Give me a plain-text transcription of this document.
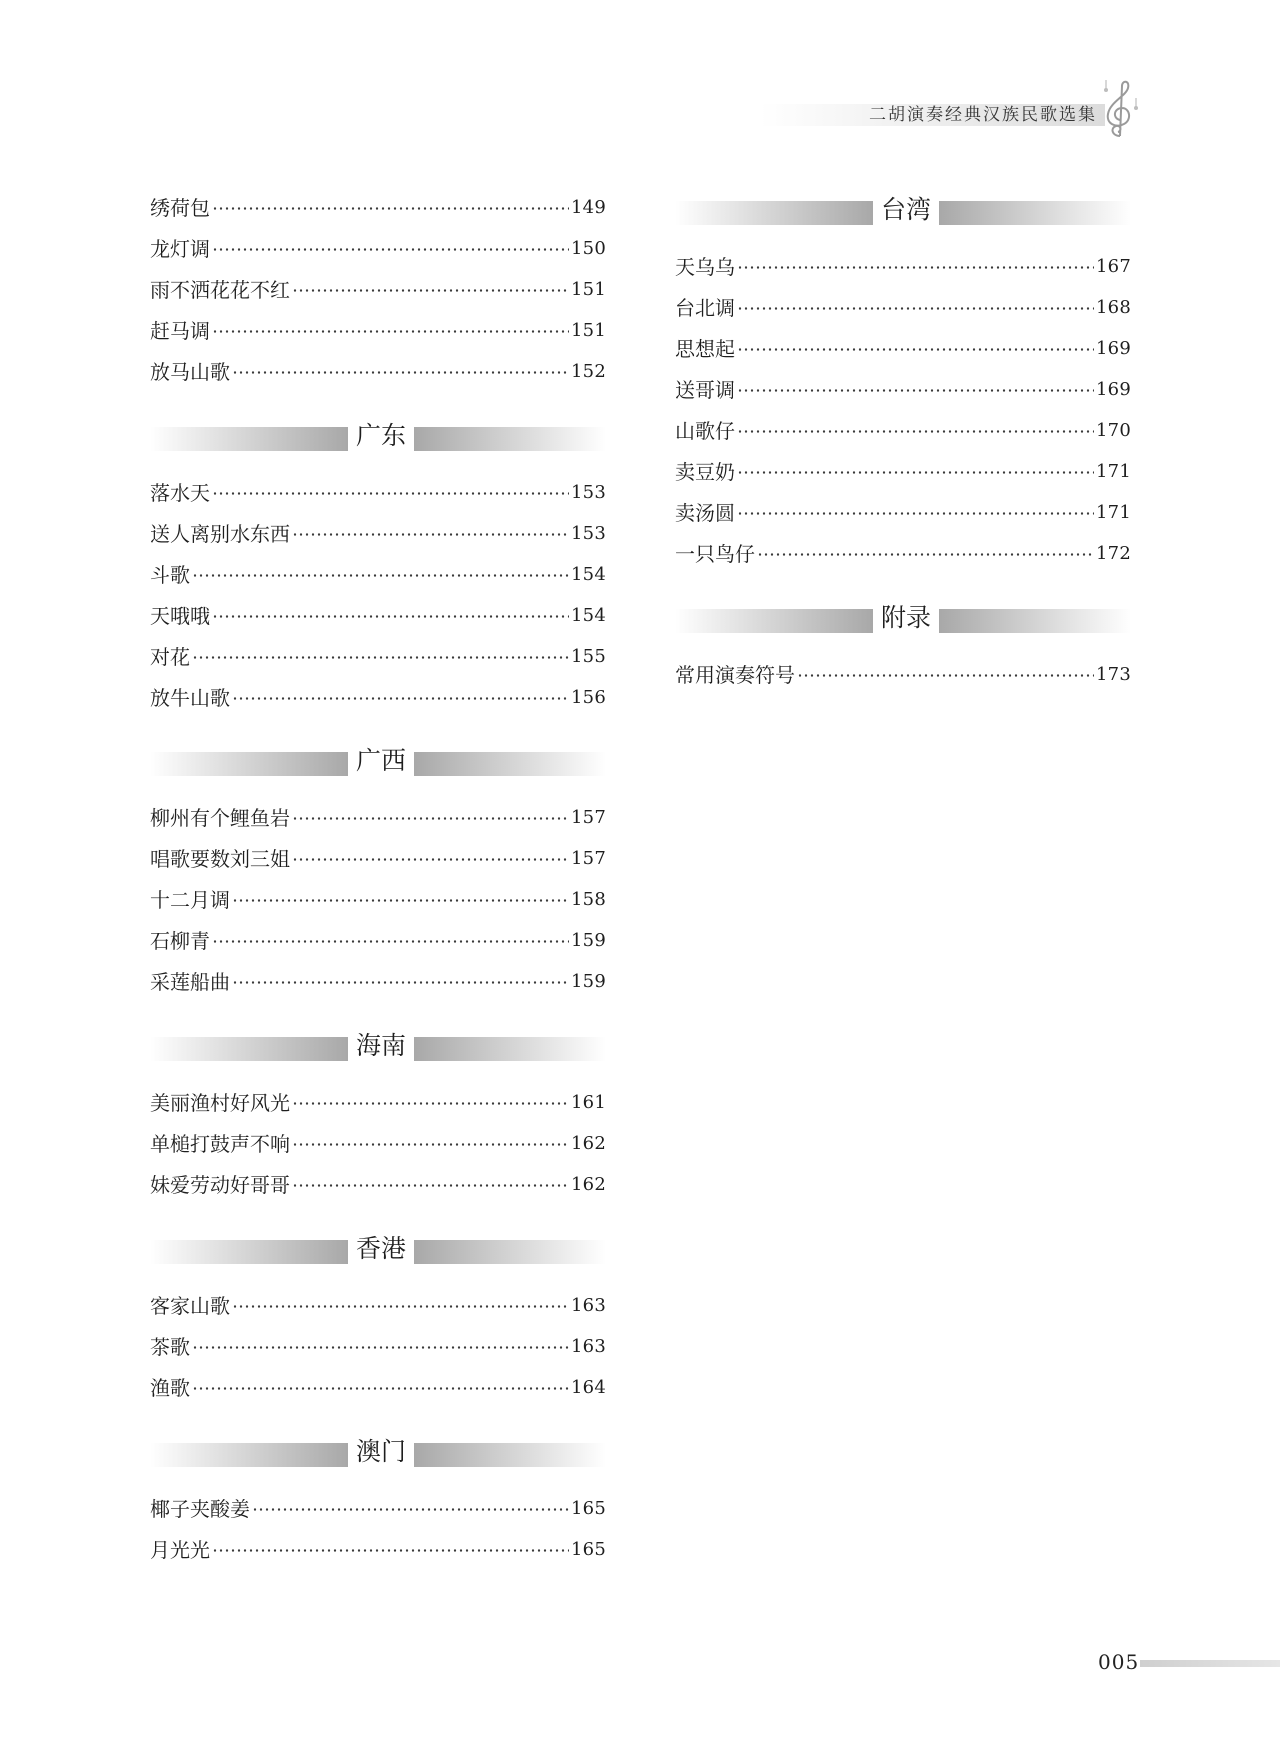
二胡演奏经典汉族民歌选集
绣荷包	149
龙灯调	150
雨不洒花花不红	151
赶马调	151
放马山歌	152
广东
落水天	153
送人离别水东西	153
斗歌	154
天哦哦	154
对花	155
放牛山歌	156
广西
柳州有个鲤鱼岩	157
唱歌要数刘三姐	157
十二月调	158
石柳青	159
采莲船曲	159
海南
美丽渔村好风光	161
单槌打鼓声不响	162
妹爱劳动好哥哥	162
香港
客家山歌	163
茶歌	163
渔歌	164
澳门
椰子夹酸姜	165
月光光	165
台湾
天乌乌	167
台北调	168
思想起	169
送哥调	169
山歌仔	170
卖豆奶	171
卖汤圆	171
一只鸟仔	172
附录
常用演奏符号	173
005
